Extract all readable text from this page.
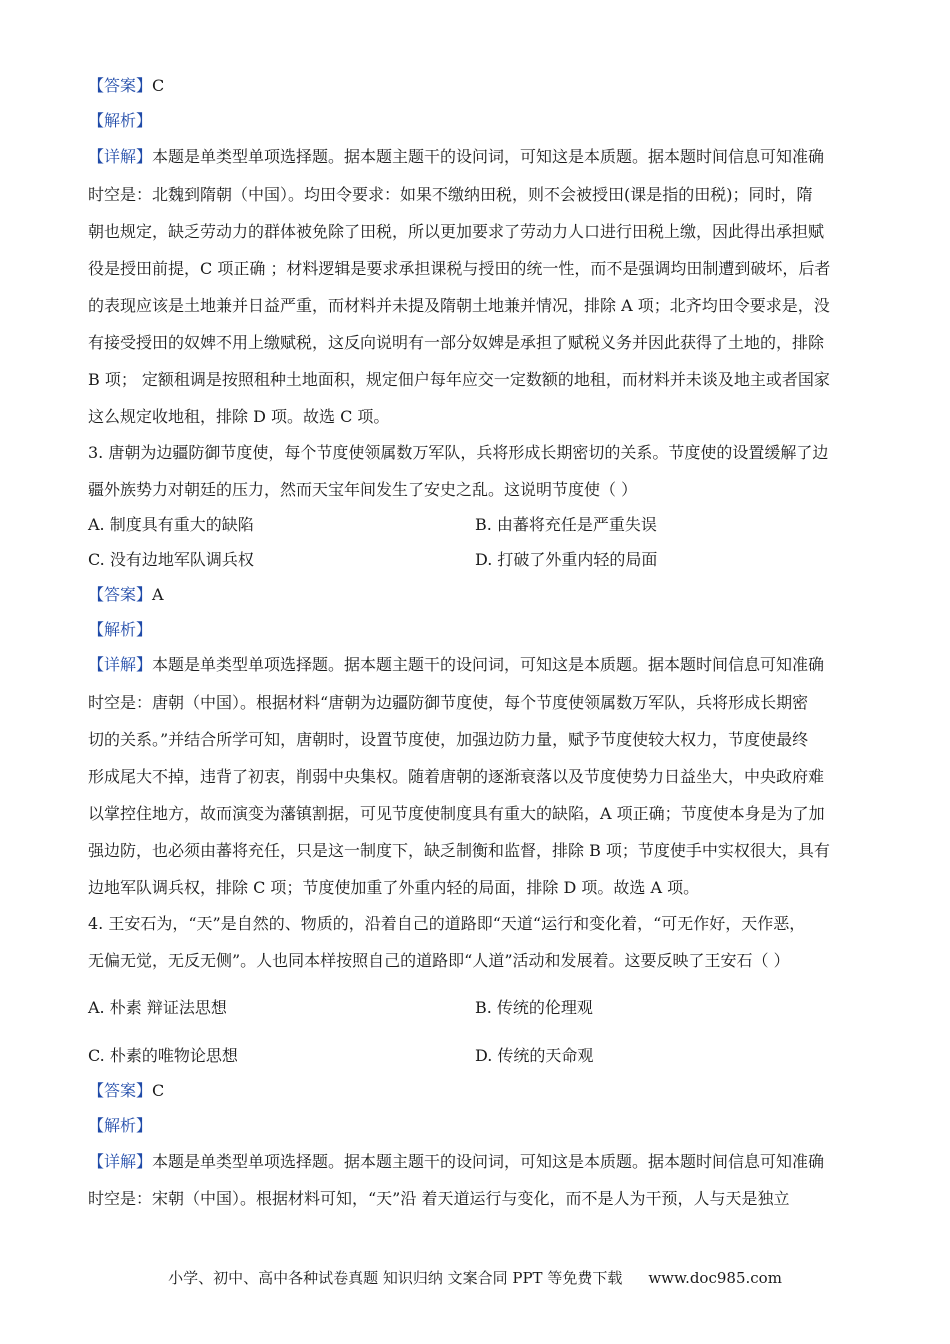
【答案】C
【解析】
【详解】本题是单类型单项选择题。据本题主题干的设问词，可知这是本质题。据本题时间信息可知准确
时空是：北魏到隋朝（中国）。均田令要求：如果不缴纳田税，则不会被授田(课是指的田税)；同时，隋
朝也规定，缺乏劳动力的群体被免除了田税，所以更加要求了劳动力人口进行田税上缴，因此得出承担赋
役是授田前提，C 项正确 ；材料逻辑是要求承担课税与授田的统一性，而不是强调均田制遭到破坏，后者
的表现应该是土地兼并日益严重，而材料并未提及隋朝土地兼并情况，排除 A 项；北齐均田令要求是，没
有接受授田的奴婢不用上缴赋税，这反向说明有一部分奴婢是承担了赋税义务并因此获得了土地的，排除
B 项； 定额租调是按照租种土地面积，规定佃户每年应交一定数额的地租，而材料并未谈及地主或者国家
这么规定收地租，排除 D 项。故选 C 项。
3. 唐朝为边疆防御节度使，每个节度使领属数万军队，兵将形成长期密切的关系。节度使的设置缓解了边
疆外族势力对朝廷的压力，然而天宝年间发生了安史之乱。这说明节度使（ ）
A. 制度具有重大的缺陷	B. 由蕃将充任是严重失误
C. 没有边地军队调兵权	D. 打破了外重内轻的局面
【答案】A
【解析】
【详解】本题是单类型单项选择题。据本题主题干的设问词，可知这是本质题。据本题时间信息可知准确
时空是：唐朝（中国）。根据材料“唐朝为边疆防御节度使，每个节度使领属数万军队，兵将形成长期密
切的关系。”并结合所学可知，唐朝时，设置节度使，加强边防力量，赋予节度使较大权力，节度使最终
形成尾大不掉，违背了初衷，削弱中央集权。随着唐朝的逐渐衰落以及节度使势力日益坐大，中央政府难
以掌控住地方，故而演变为藩镇割据，可见节度使制度具有重大的缺陷，A 项正确；节度使本身是为了加
强边防，也必须由蕃将充任，只是这一制度下，缺乏制衡和监督，排除 B 项；节度使手中实权很大，具有
边地军队调兵权，排除 C 项；节度使加重了外重内轻的局面，排除 D 项。故选 A 项。
4. 王安石为，“天”是自然的、物质的，沿着自己的道路即“天道“运行和变化着，“可无作好，天作恶，
无偏无觉，无反无侧”。人也同本样按照自己的道路即“人道”活动和发展着。这要反映了王安石（ ）
A. 朴素 辩证法思想	B. 传统的伦理观
C. 朴素的唯物论思想	D. 传统的天命观
【答案】C
【解析】
【详解】本题是单类型单项选择题。据本题主题干的设问词，可知这是本质题。据本题时间信息可知准确
时空是：宋朝（中国）。根据材料可知，“天”沿 着天道运行与变化，而不是人为干预，人与天是独立
小学、初中、高中各种试卷真题 知识归纳 文案合同 PPT 等免费下载 www.doc985.com
